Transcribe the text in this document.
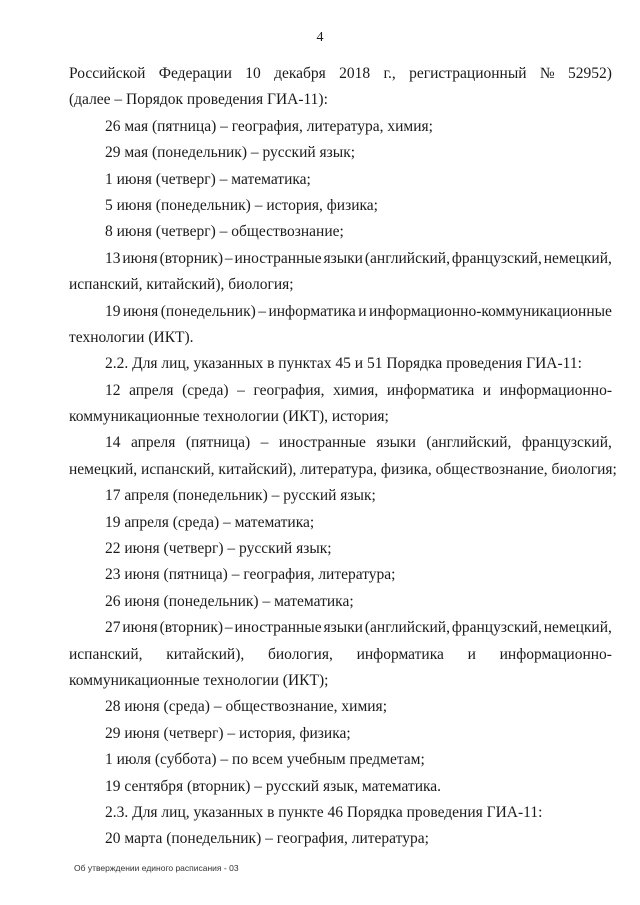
4
Российской Федерации 10 декабря 2018 г., регистрационный № 52952)
(далее – Порядок проведения ГИА-11):
26 мая (пятница) – география, литература, химия;
29 мая (понедельник) – русский язык;
1 июня (четверг) – математика;
5 июня (понедельник) – история, физика;
8 июня (четверг) – обществознание;
13 июня (вторник) – иностранные языки (английский, французский, немецкий,
испанский, китайский), биология;
19 июня (понедельник) – информатика и информационно-коммуникационные
технологии (ИКТ).
2.2. Для лиц, указанных в пунктах 45 и 51 Порядка проведения ГИА-11:
12 апреля (среда) – география, химия, информатика и информационно-
коммуникационные технологии (ИКТ), история;
14 апреля (пятница) – иностранные языки (английский, французский,
немецкий, испанский, китайский), литература, физика, обществознание, биология;
17 апреля (понедельник) – русский язык;
19 апреля (среда) – математика;
22 июня (четверг) – русский язык;
23 июня (пятница) – география, литература;
26 июня (понедельник) – математика;
27 июня (вторник) – иностранные языки (английский, французский, немецкий,
испанский, китайский), биология, информатика и информационно-
коммуникационные технологии (ИКТ);
28 июня (среда) – обществознание, химия;
29 июня (четверг) – история, физика;
1 июля (суббота) – по всем учебным предметам;
19 сентября (вторник) – русский язык, математика.
2.3. Для лиц, указанных в пункте 46 Порядка проведения ГИА-11:
20 марта (понедельник) – география, литература;
Об утверждении единого расписания - 03
